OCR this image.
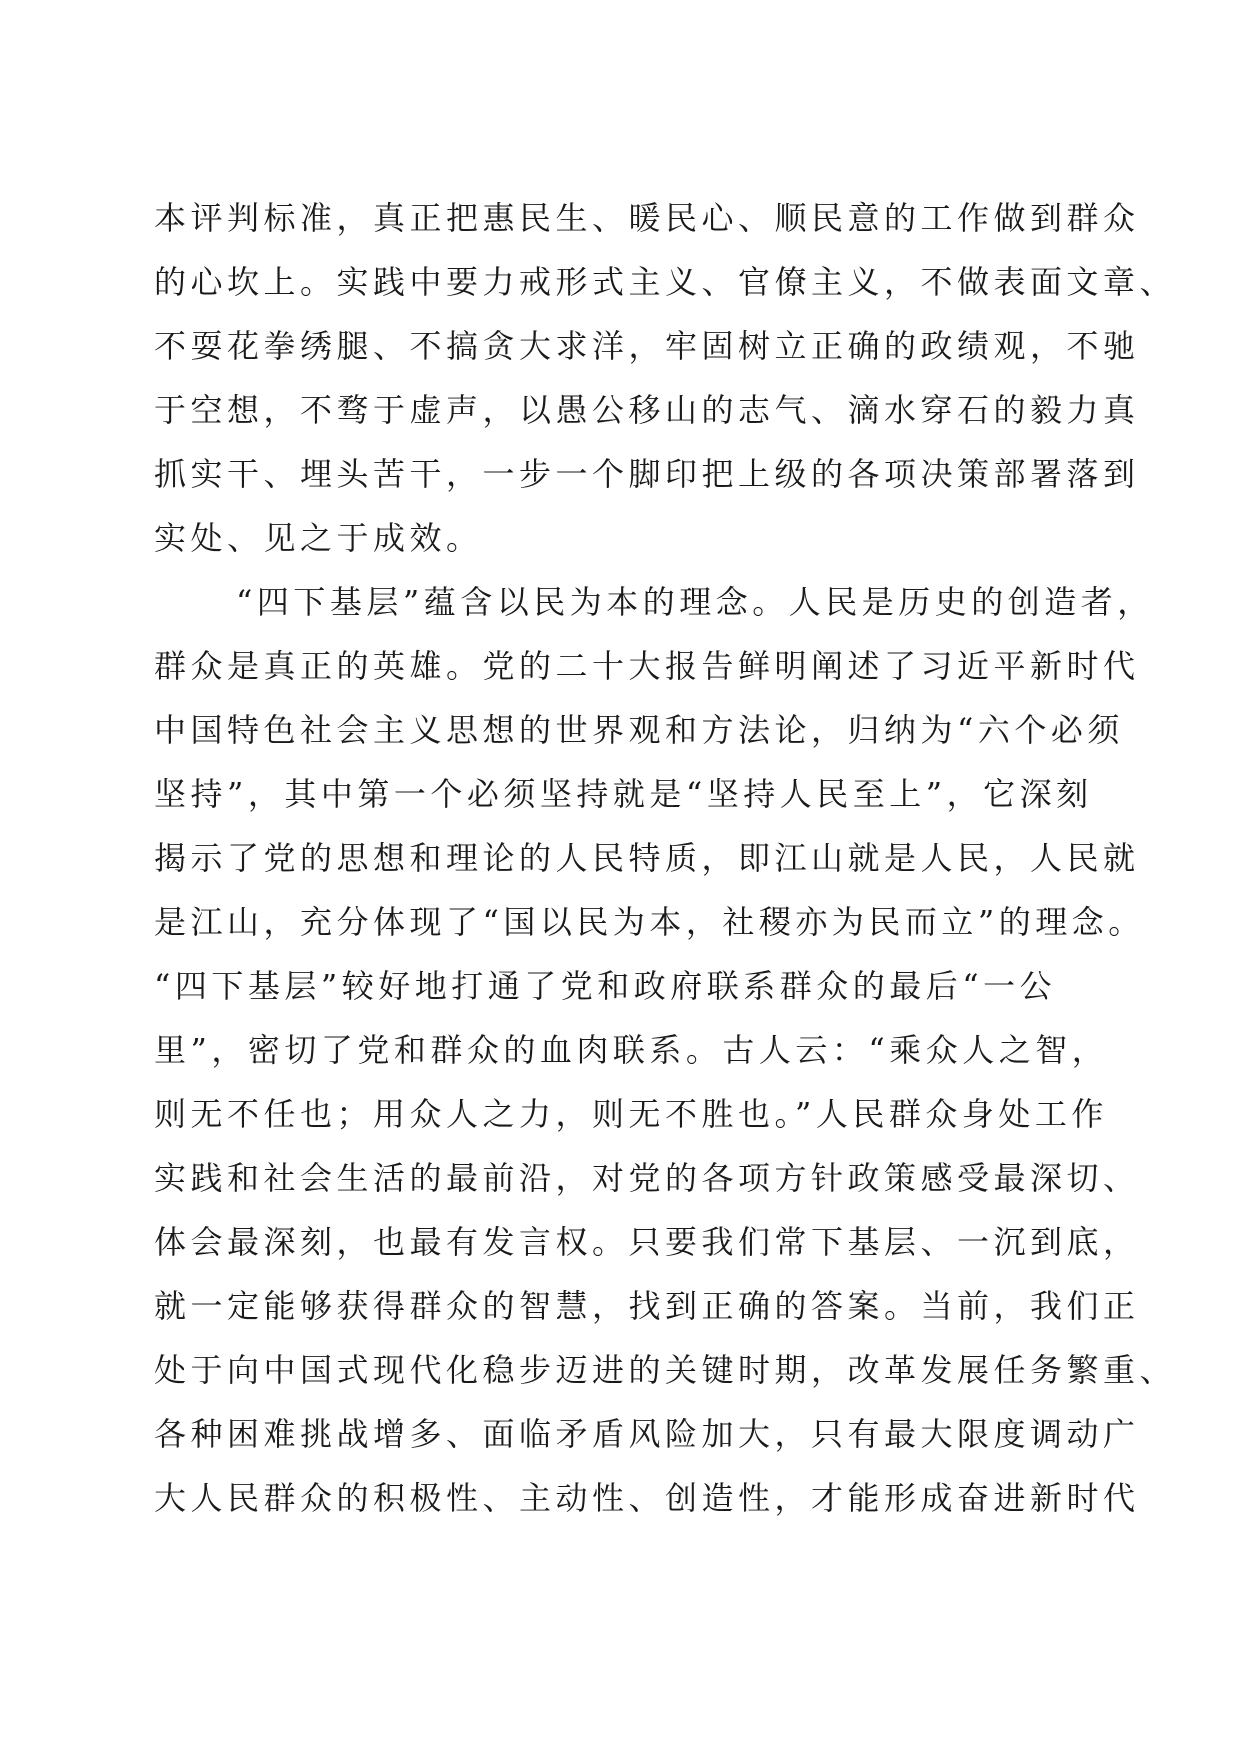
本评判标准，真正把惠民生、暖民心、顺民意的工作做到群众
的心坎上。实践中要力戒形式主义、官僚主义，不做表面文章、
不耍花拳绣腿、不搞贪大求洋，牢固树立正确的政绩观，不驰
于空想，不骛于虚声，以愚公移山的志气、滴水穿石的毅力真
抓实干、埋头苦干，一步一个脚印把上级的各项决策部署落到
实处、见之于成效。
“四下基层”蕴含以民为本的理念。人民是历史的创造者，
群众是真正的英雄。党的二十大报告鲜明阐述了习近平新时代
中国特色社会主义思想的世界观和方法论，归纳为“六个必须
坚持”，其中第一个必须坚持就是“坚持人民至上”，它深刻
揭示了党的思想和理论的人民特质，即江山就是人民，人民就
是江山，充分体现了“国以民为本，社稷亦为民而立”的理念。
“四下基层”较好地打通了党和政府联系群众的最后“一公
里”，密切了党和群众的血肉联系。古人云：“乘众人之智，
则无不任也；用众人之力，则无不胜也。”人民群众身处工作
实践和社会生活的最前沿，对党的各项方针政策感受最深切、
体会最深刻，也最有发言权。只要我们常下基层、一沉到底，
就一定能够获得群众的智慧，找到正确的答案。当前，我们正
处于向中国式现代化稳步迈进的关键时期，改革发展任务繁重、
各种困难挑战增多、面临矛盾风险加大，只有最大限度调动广
大人民群众的积极性、主动性、创造性，才能形成奋进新时代
